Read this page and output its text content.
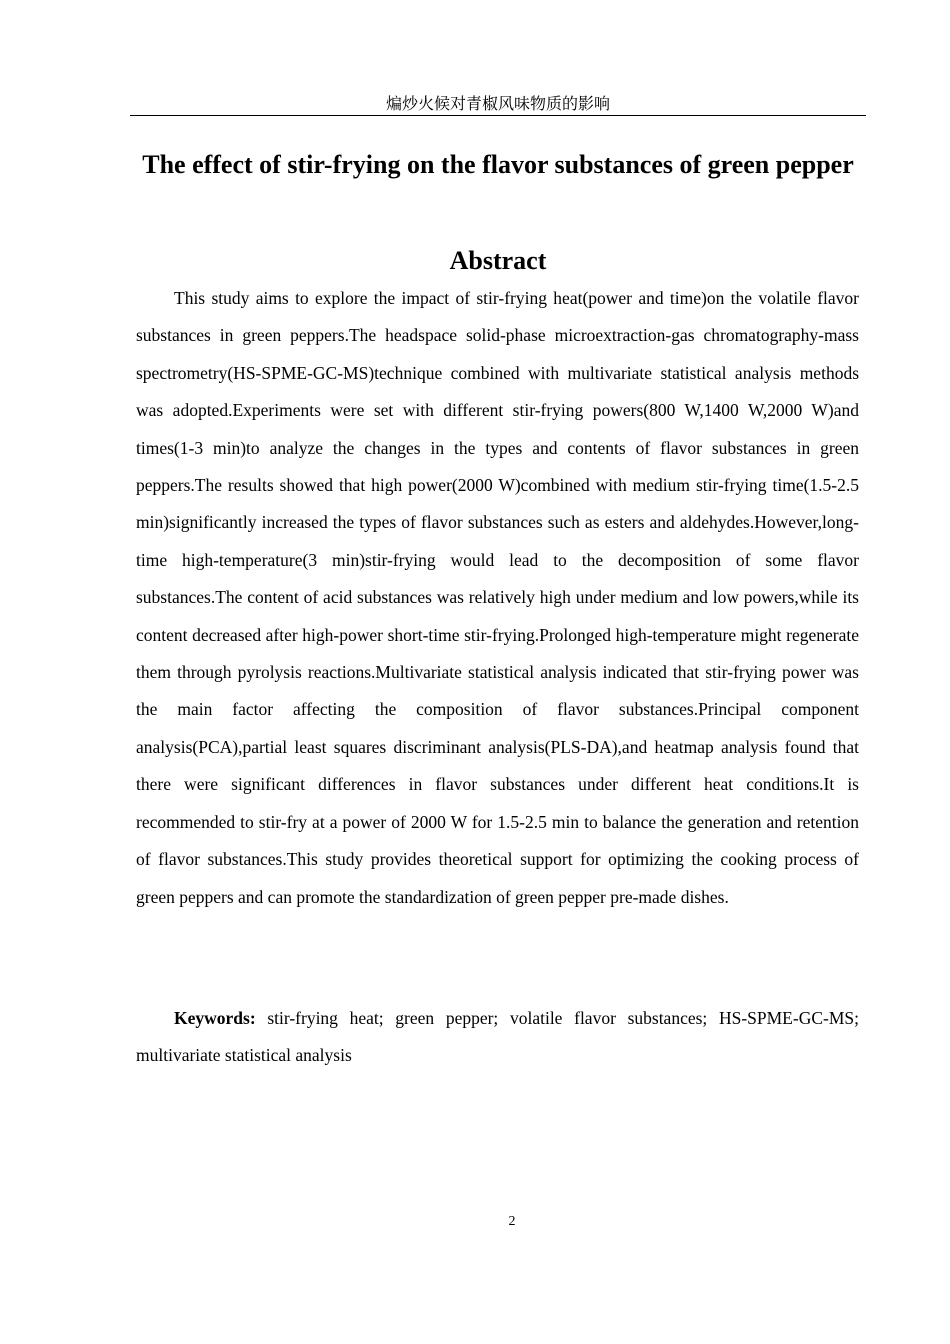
煸炒火候对青椒风味物质的影响
The effect of stir-frying on the flavor substances of green pepper
Abstract

This study aims to explore the impact of stir-frying heat(power and time)on the volatile flavor substances in green peppers.The headspace solid-phase microextraction-gas chromatography-mass spectrometry(HS-SPME-GC-MS)technique combined with multivariate statistical analysis methods was adopted.Experiments were set with different stir-frying powers(800 W,1400 W,2000 W)and times(1-3 min)to analyze the changes in the types and contents of flavor substances in green peppers.The results showed that high power(2000 W)combined with medium stir-frying time(1.5-2.5 min)significantly increased the types of flavor substances such as esters and aldehydes.However,long-time high-temperature(3 min)stir-frying would lead to the decomposition of some flavor substances.The content of acid substances was relatively high under medium and low powers,while its content decreased after high-power short-time stir-frying.Prolonged high-temperature might regenerate them through pyrolysis reactions.Multivariate statistical analysis indicated that stir-frying power was the main factor affecting the composition of flavor substances.Principal component analysis(PCA),partial least squares discriminant analysis(PLS-DA),and heatmap analysis found that there were significant differences in flavor substances under different heat conditions.It is recommended to stir-fry at a power of 2000 W for 1.5-2.5 min to balance the generation and retention of flavor substances.This study provides theoretical support for optimizing the cooking process of green peppers and can promote the standardization of green pepper pre-made dishes.

Keywords: stir-frying heat; green pepper; volatile flavor substances; HS-SPME-GC-MS; multivariate statistical analysis

2
